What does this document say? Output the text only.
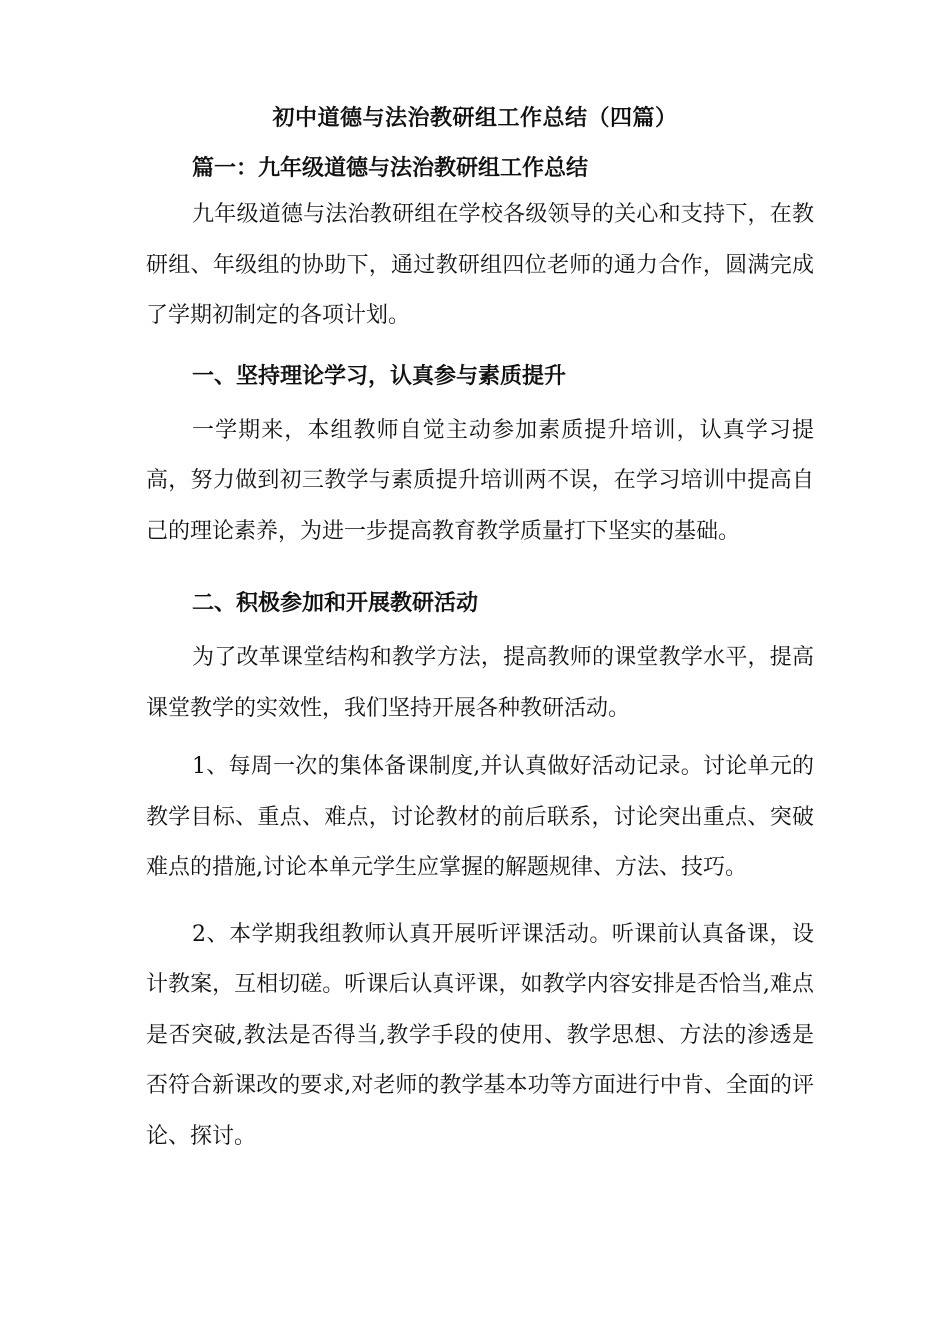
初中道德与法治教研组工作总结（四篇）

篇一：九年级道德与法治教研组工作总结

九年级道德与法治教研组在学校各级领导的关心和支持下，在教研组、年级组的协助下，通过教研组四位老师的通力合作，圆满完成了学期初制定的各项计划。

一、坚持理论学习，认真参与素质提升

一学期来，本组教师自觉主动参加素质提升培训，认真学习提高，努力做到初三教学与素质提升培训两不误，在学习培训中提高自己的理论素养，为进一步提高教育教学质量打下坚实的基础。

二、积极参加和开展教研活动

为了改革课堂结构和教学方法，提高教师的课堂教学水平，提高课堂教学的实效性，我们坚持开展各种教研活动。

1、每周一次的集体备课制度,并认真做好活动记录。讨论单元的教学目标、重点、难点，讨论教材的前后联系，讨论突出重点、突破难点的措施,讨论本单元学生应掌握的解题规律、方法、技巧。

2、本学期我组教师认真开展听评课活动。听课前认真备课，设计教案，互相切磋。听课后认真评课，如教学内容安排是否恰当,难点是否突破,教法是否得当,教学手段的使用、教学思想、方法的渗透是否符合新课改的要求,对老师的教学基本功等方面进行中肯、全面的评论、探讨。
